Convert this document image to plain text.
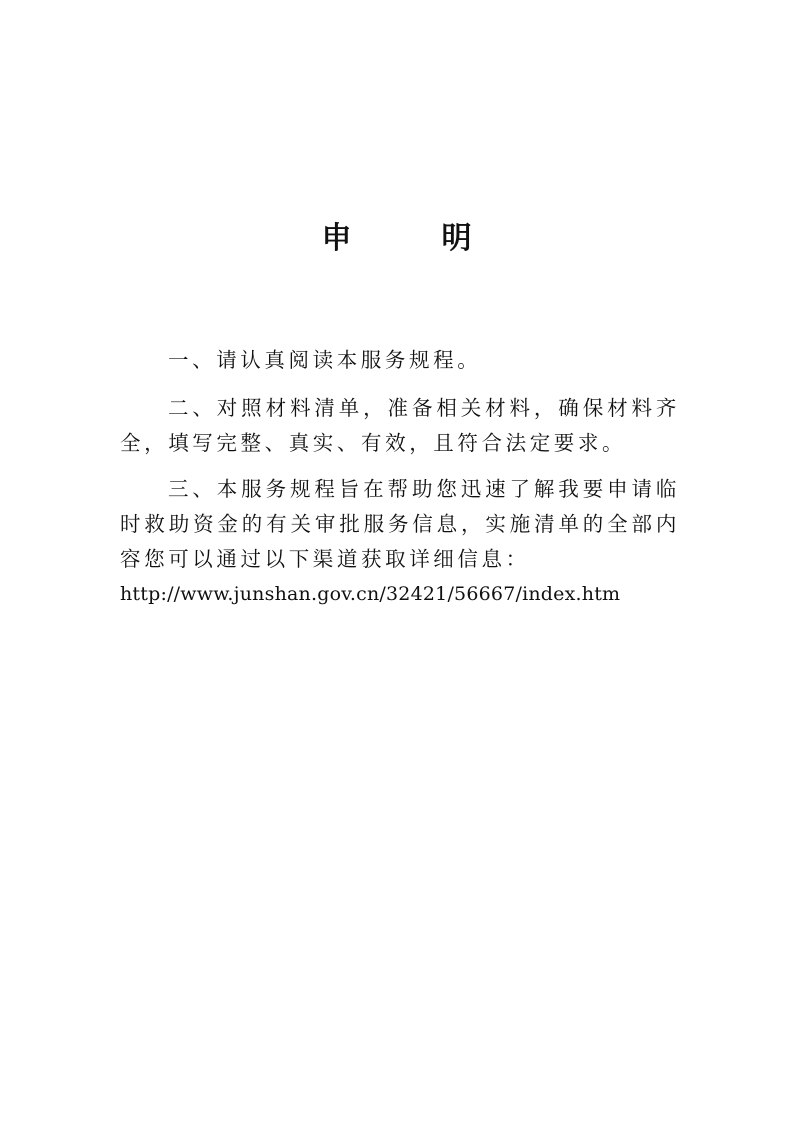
申　明

一、请认真阅读本服务规程。

二、对照材料清单，准备相关材料，确保材料齐全，填写完整、真实、有效，且符合法定要求。

三、本服务规程旨在帮助您迅速了解我要申请临时救助资金的有关审批服务信息，实施清单的全部内容您可以通过以下渠道获取详细信息：

http://www.junshan.gov.cn/32421/56667/index.htm
